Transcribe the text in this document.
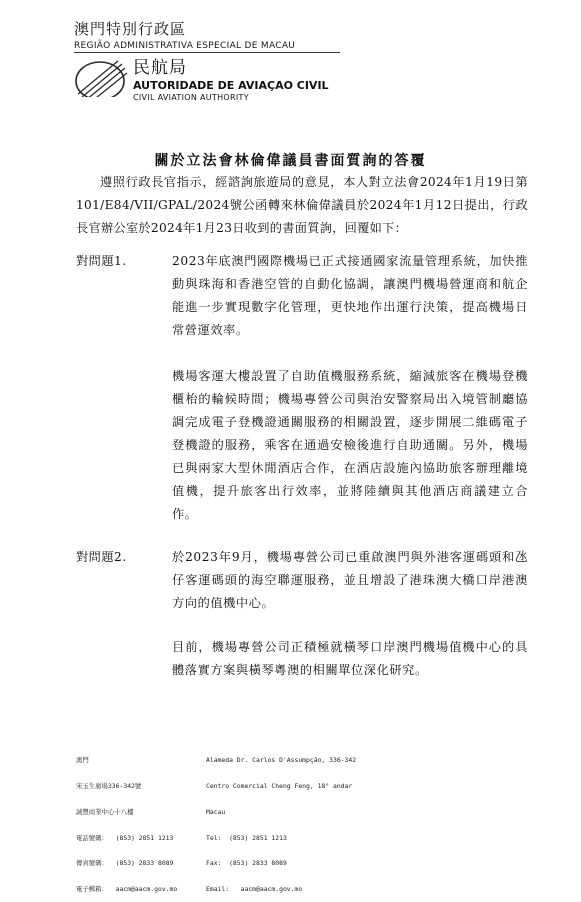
澳門特別行政區
REGIÃO ADMINISTRATIVA ESPECIAL DE MACAU
民航局
AUTORIDADE DE AVIAÇAO CIVIL
CIVIL AVIATION AUTHORITY
關於立法會林倫偉議員書面質詢的答覆
遵照行政長官指示，經諮詢旅遊局的意見，本人對立法會2024年1月19日第101/E84/VII/GPAL/2024號公函轉來林倫偉議員於2024年1月12日提出，行政長官辦公室於2024年1月23日收到的書面質詢，回覆如下：
對問題1.	2023年底澳門國際機場已正式接通國家流量管理系統，加快推動與珠海和香港空管的自動化協調，讓澳門機場營運商和航企能進一步實現數字化管理，更快地作出運行決策，提高機場日常營運效率。
機場客運大樓設置了自助值機服務系統，縮減旅客在機場登機櫃枱的輪候時間；機場專營公司與治安警察局出入境管制廳協調完成電子登機證通關服務的相關設置，逐步開展二維碼電子登機證的服務，乘客在通過安檢後進行自助通關。另外，機場已與兩家大型休閒酒店合作，在酒店設施內協助旅客辦理離境值機，提升旅客出行效率，並將陸續與其他酒店商議建立合作。
對問題2.	於2023年9月，機場專營公司已重啟澳門與外港客運碼頭和氹仔客運碼頭的海空聯運服務，並且增設了港珠澳大橋口岸港澳方向的值機中心。
目前，機場專營公司正積極就橫琴口岸澳門機場值機中心的具體落實方案與橫琴粵澳的相關單位深化研究。

澳門

宋玉生廣場336-342號

誠豐商業中心十八樓

電話號碼：  (853) 2851 1213

傳真號碼：  (853) 2833 8089

電子郵箱：  aacm@aacm.gov.mo

Alameda Dr. Carlos D'Assumpção, 336-342

Centro Comercial Cheng Feng, 18° andar

Macau

Tel:  (853) 2851 1213

Fax:  (853) 2833 8089

Email:   aacm@aacm.gov.mo
